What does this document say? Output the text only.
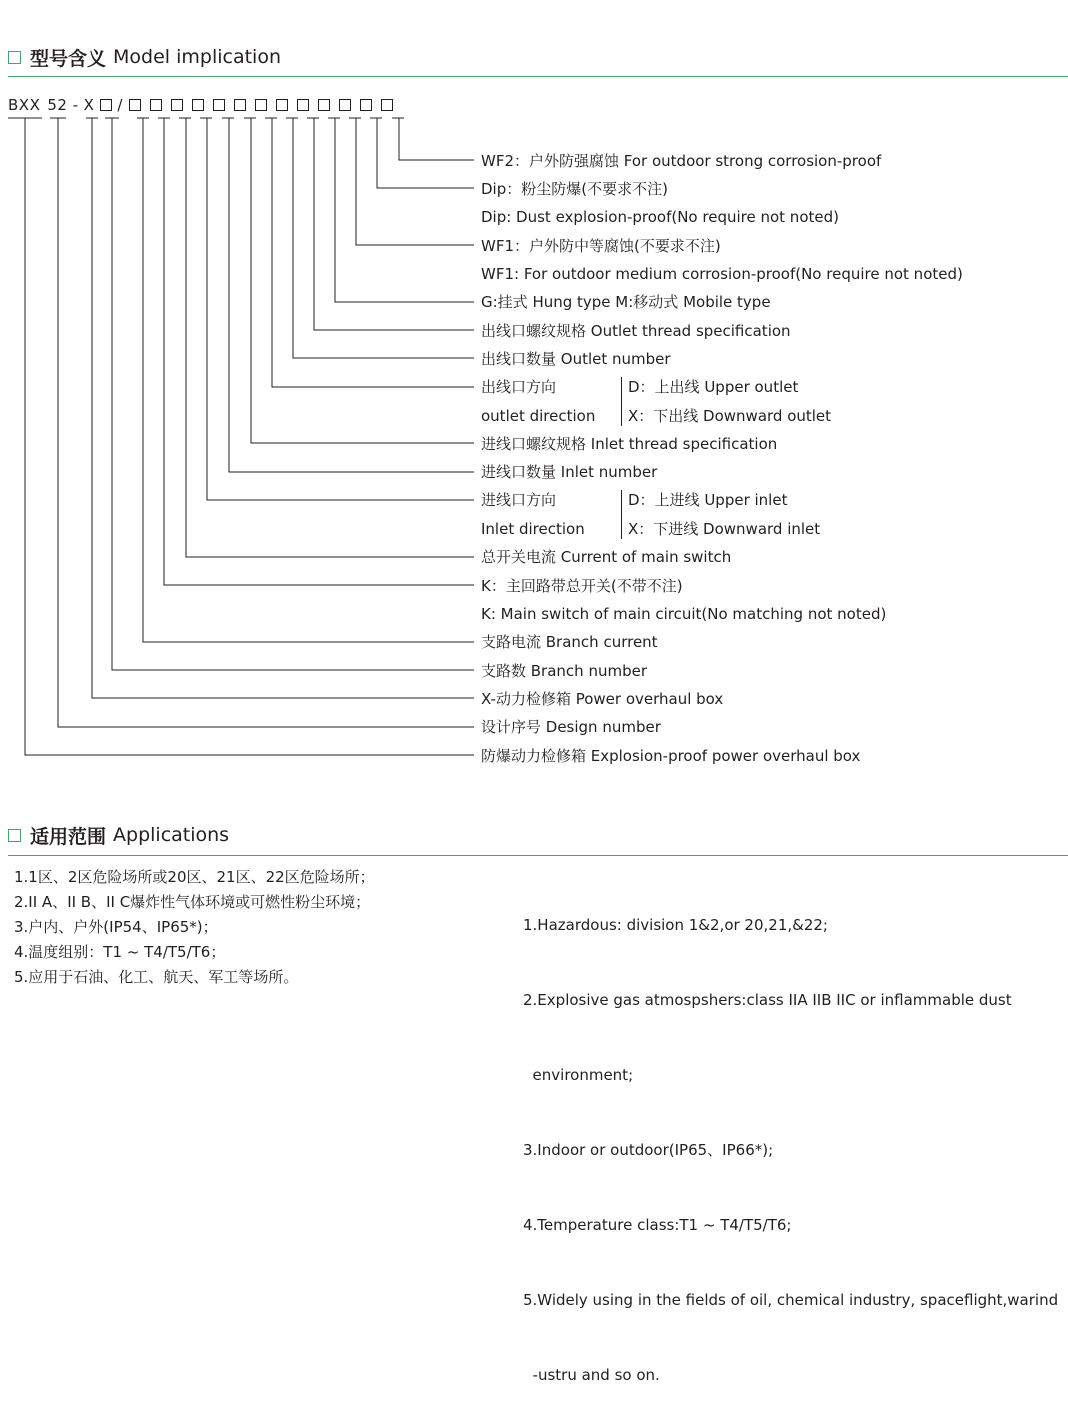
型号含义 Model implication
BXX 52 - X /
WF2：户外防强腐蚀 For outdoor strong corrosion-proof
Dip：粉尘防爆(不要求不注)
Dip: Dust explosion-proof(No require not noted)
WF1：户外防中等腐蚀(不要求不注)
WF1: For outdoor medium corrosion-proof(No require not noted)
G:挂式 Hung type M:移动式 Mobile type
出线口螺纹规格 Outlet thread specification
出线口数量 Outlet number
出线口方向
outlet direction
D：上出线 Upper outlet
X：下出线 Downward outlet
进线口螺纹规格 Inlet thread specification
进线口数量 Inlet number
进线口方向
Inlet direction
D：上进线 Upper inlet
X：下进线 Downward inlet
总开关电流 Current of main switch
K：主回路带总开关(不带不注)
K: Main switch of main circuit(No matching not noted)
支路电流 Branch current
支路数 Branch number
X-动力检修箱 Power overhaul box
设计序号 Design number
防爆动力检修箱 Explosion-proof power overhaul box
适用范围 Applications
1.1区、2区危险场所或20区、21区、22区危险场所；
2.II A、II B、II C爆炸性气体环境或可燃性粉尘环境；
3.户内、户外(IP54、IP65*)；
4.温度组别：T1 ~ T4/T5/T6；
5.应用于石油、化工、航天、军工等场所。

1.Hazardous: division 1&2,or 20,21,&22;

2.Explosive gas atmospshers:class IIA IIB IIC or inflammable dust

environment;

3.Indoor or outdoor(IP65、IP66*);

4.Temperature class:T1 ~ T4/T5/T6;

5.Widely using in the fields of oil, chemical industry, spaceflight,warind

-ustru and so on.
